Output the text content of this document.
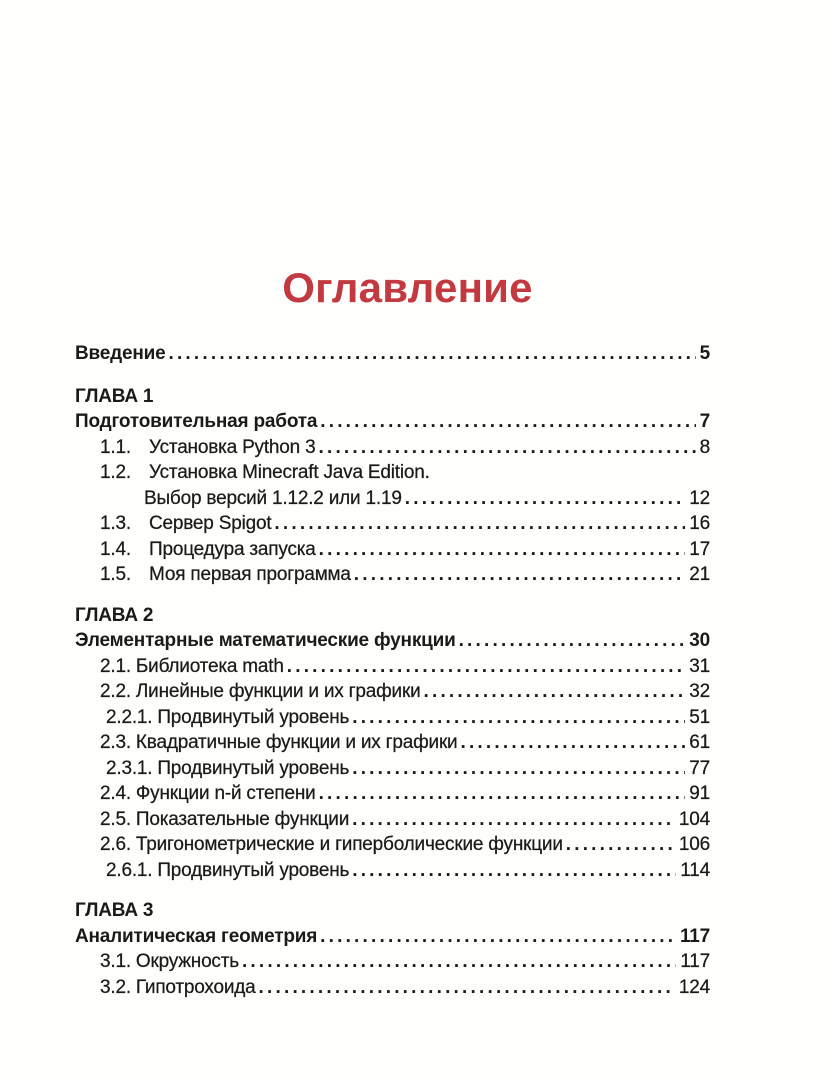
Оглавление
Введение .....	5
ГЛАВА 1
Подготовительная работа .....	7
1.1. Установка Python 3 .....	8
1.2. Установка Minecraft Java Edition.
Выбор версий 1.12.2 или 1.19 .....	12
1.3. Сервер Spigot .....	16
1.4. Процедура запуска .....	17
1.5. Моя первая программа .....	21
ГЛАВА 2
Элементарные математические функции .....	30
2.1. Библиотека math .....	31
2.2. Линейные функции и их графики .....	32
2.2.1. Продвинутый уровень .....	51
2.3. Квадратичные функции и их графики .....	61
2.3.1. Продвинутый уровень .....	77
2.4. Функции n-й степени .....	91
2.5. Показательные функции .....	104
2.6. Тригонометрические и гиперболические функции .....	106
2.6.1. Продвинутый уровень .....	114
ГЛАВА 3
Аналитическая геометрия .....	117
3.1. Окружность .....	117
3.2. Гипотрохоида .....	124
